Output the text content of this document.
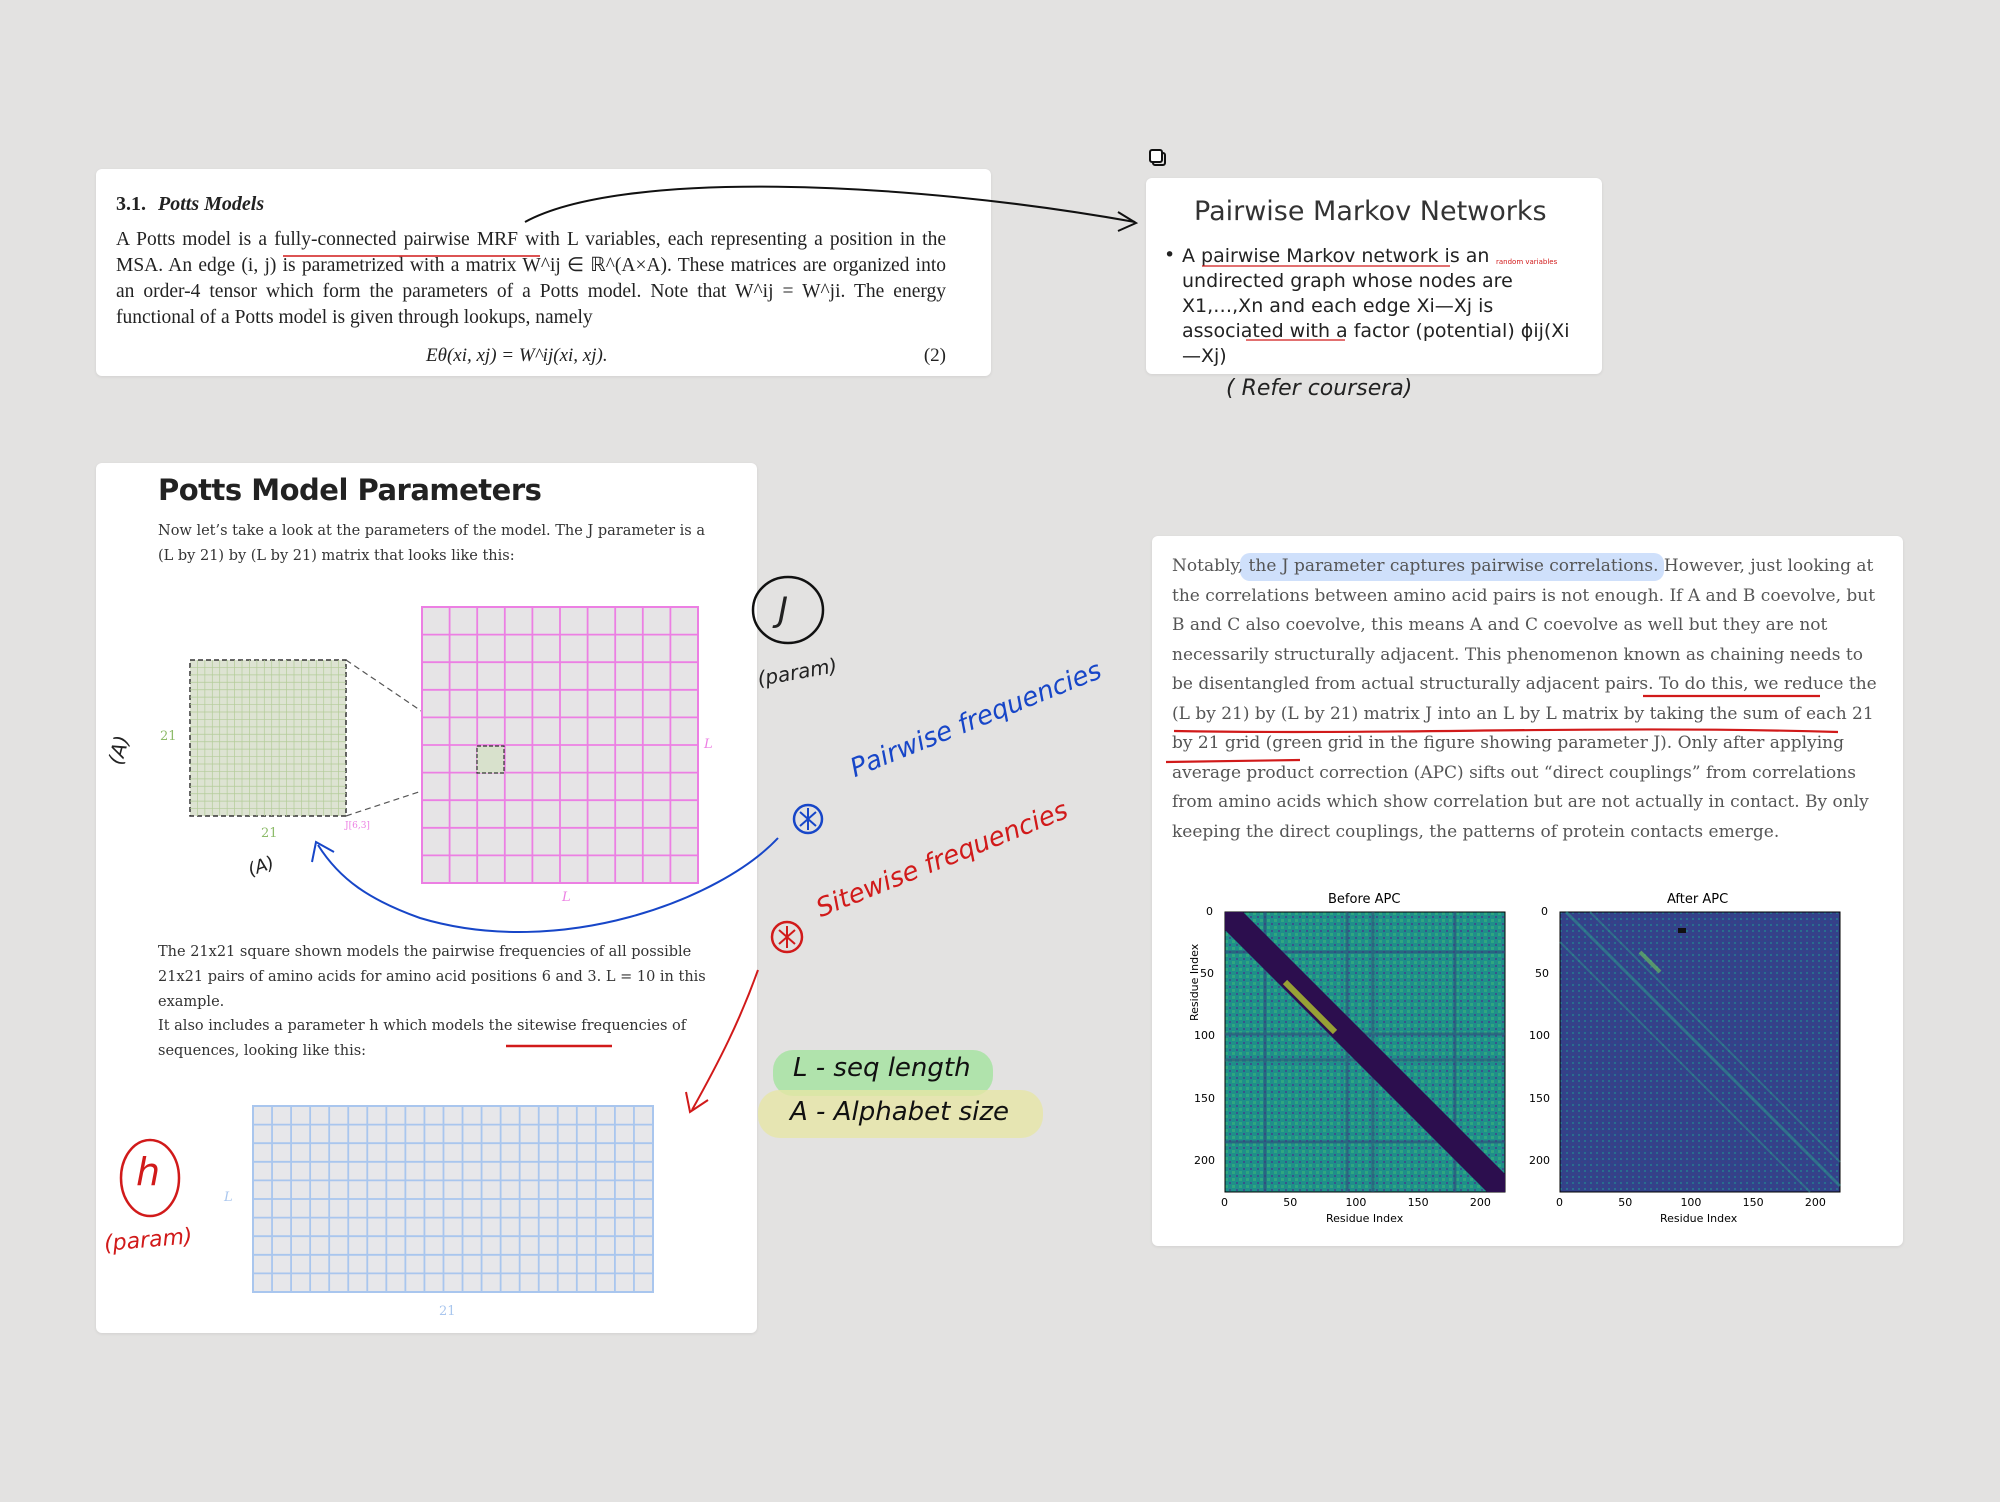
3.1. Potts Models
A Potts model is a fully-connected pairwise MRF with L variables, each representing a position in the MSA. An edge (i, j) is parametrized with a matrix W^ij ∈ ℝ^(A×A). These matrices are organized into an order-4 tensor which form the parameters of a Potts model. Note that W^ij = W^ji. The energy functional of a Potts model is given through lookups, namely
Eθ(xi, xj) = W^ij(xi, xj).	(2)
Pairwise Markov Networks
• A pairwise Markov network is an undirected graph whose nodes are X1,…,Xn and each edge Xi—Xj is associated with a factor (potential) ϕij(Xi—Xj)
random variables
Potts Model Parameters
Now let’s take a look at the parameters of the model. The J parameter is a (L by 21) by (L by 21) matrix that looks like this:
21
21	J[6,3]
L
L
The 21x21 square shown models the pairwise frequencies of all possible 21x21 pairs of amino acids for amino acid positions 6 and 3. L = 10 in this example.
It also includes a parameter h which models the sitewise frequencies of sequences, looking like this:
L
21
Notably, the J parameter captures pairwise correlations. However, just looking at the correlations between amino acid pairs is not enough. If A and B coevolve, but B and C also coevolve, this means A and C coevolve as well but they are not necessarily structurally adjacent. This phenomenon known as chaining needs to be disentangled from actual structurally adjacent pairs. To do this, we reduce the (L by 21) by (L by 21) matrix J into an L by L matrix by taking the sum of each 21 by 21 grid (green grid in the figure showing parameter J). Only after applying average product correction (APC) sifts out “direct couplings” from correlations from amino acids which show correlation but are not actually in contact. By only keeping the direct couplings, the patterns of protein contacts emerge.
Before APC
Residue Index
Residue Index
After APC
Residue Index
0	0
0	0
50	50
50	50
100	100
100	100
150	150
150	150
200	200
200	200
( Refer coursera)
J
(param)
(A)
(A)
Pairwise frequencies
Sitewise frequencies
L - seq length
A - Alphabet size
h
(param)
